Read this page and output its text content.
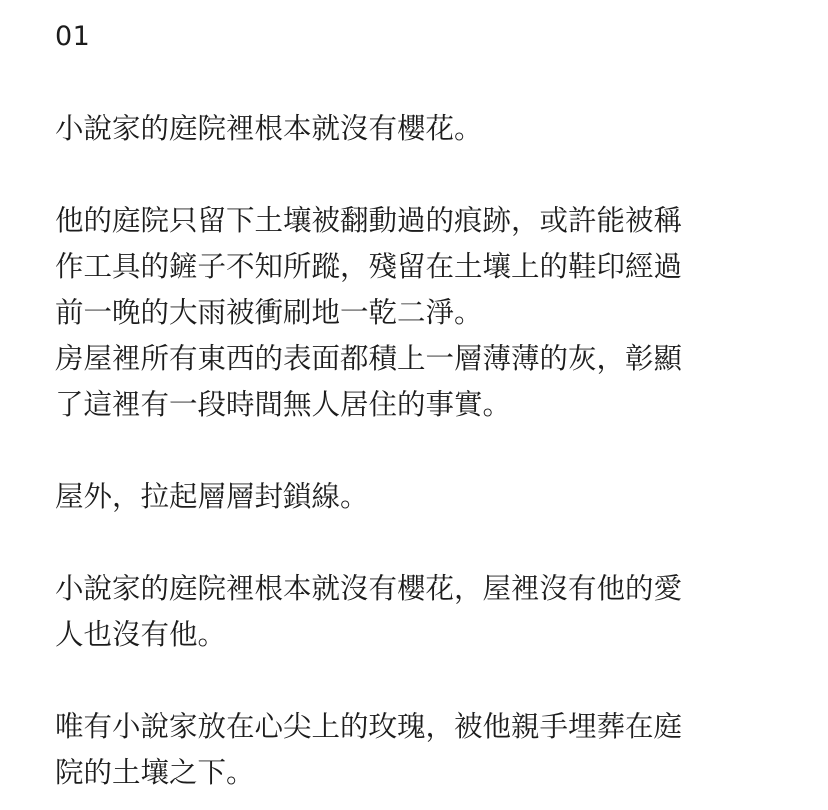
01

小說家的庭院裡根本就沒有櫻花。

他的庭院只留下土壤被翻動過的痕跡，或許能被稱
作工具的鏟子不知所蹤，殘留在土壤上的鞋印經過
前一晚的大雨被衝刷地一乾二淨。
房屋裡所有東西的表面都積上一層薄薄的灰，彰顯
了這裡有一段時間無人居住的事實。

屋外，拉起層層封鎖線。

小說家的庭院裡根本就沒有櫻花，屋裡沒有他的愛
人也沒有他。

唯有小說家放在心尖上的玫瑰，被他親手埋葬在庭
院的土壤之下。
